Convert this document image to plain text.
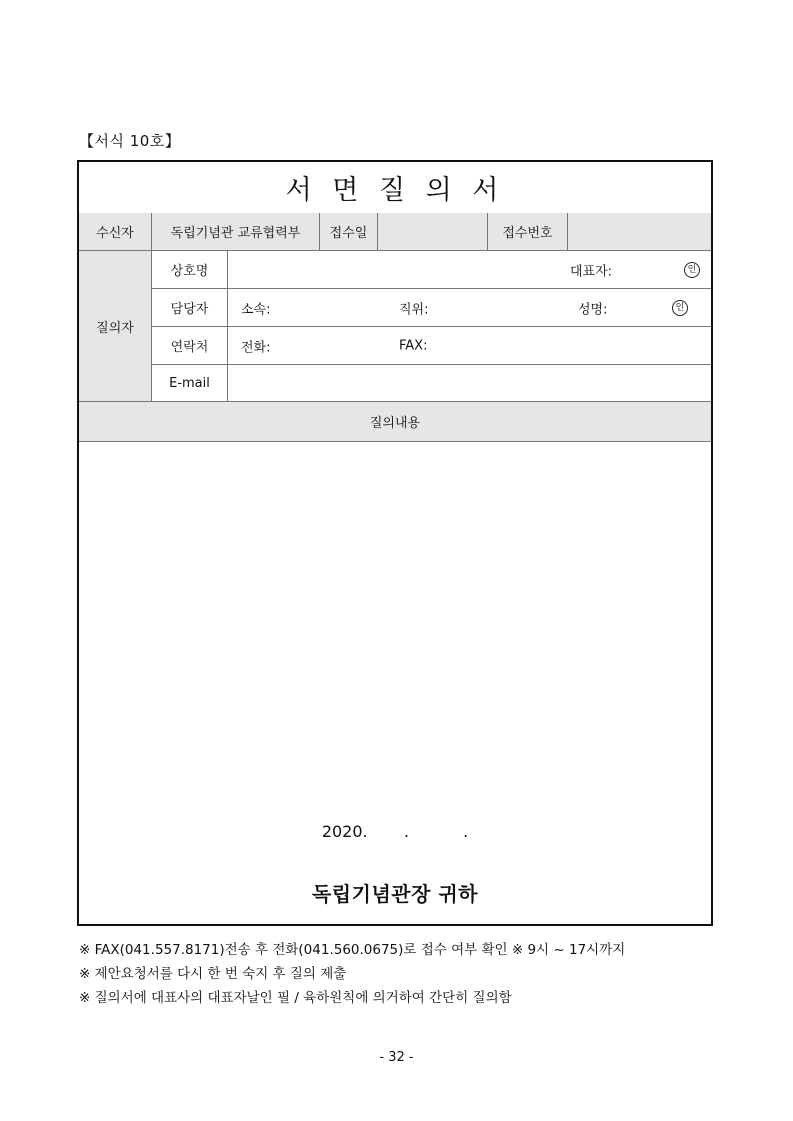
【서식 10호】
서 면 질 의 서
수신자	독립기념관 교류협력부	접수일	접수번호
질의자
상호명	대표자:	인
담당자	소속:	직위:	성명:	인
연락처	전화:	FAX:
E-mail
질의내용
2020. .	.
독립기념관장 귀하
※ FAX(041.557.8171)전송 후 전화(041.560.0675)로 접수 여부 확인 ※ 9시 ~ 17시까지
※ 제안요청서를 다시 한 번 숙지 후 질의 제출
※ 질의서에 대표사의 대표자날인 필 / 육하원칙에 의거하여 간단히 질의함
- 32 -
